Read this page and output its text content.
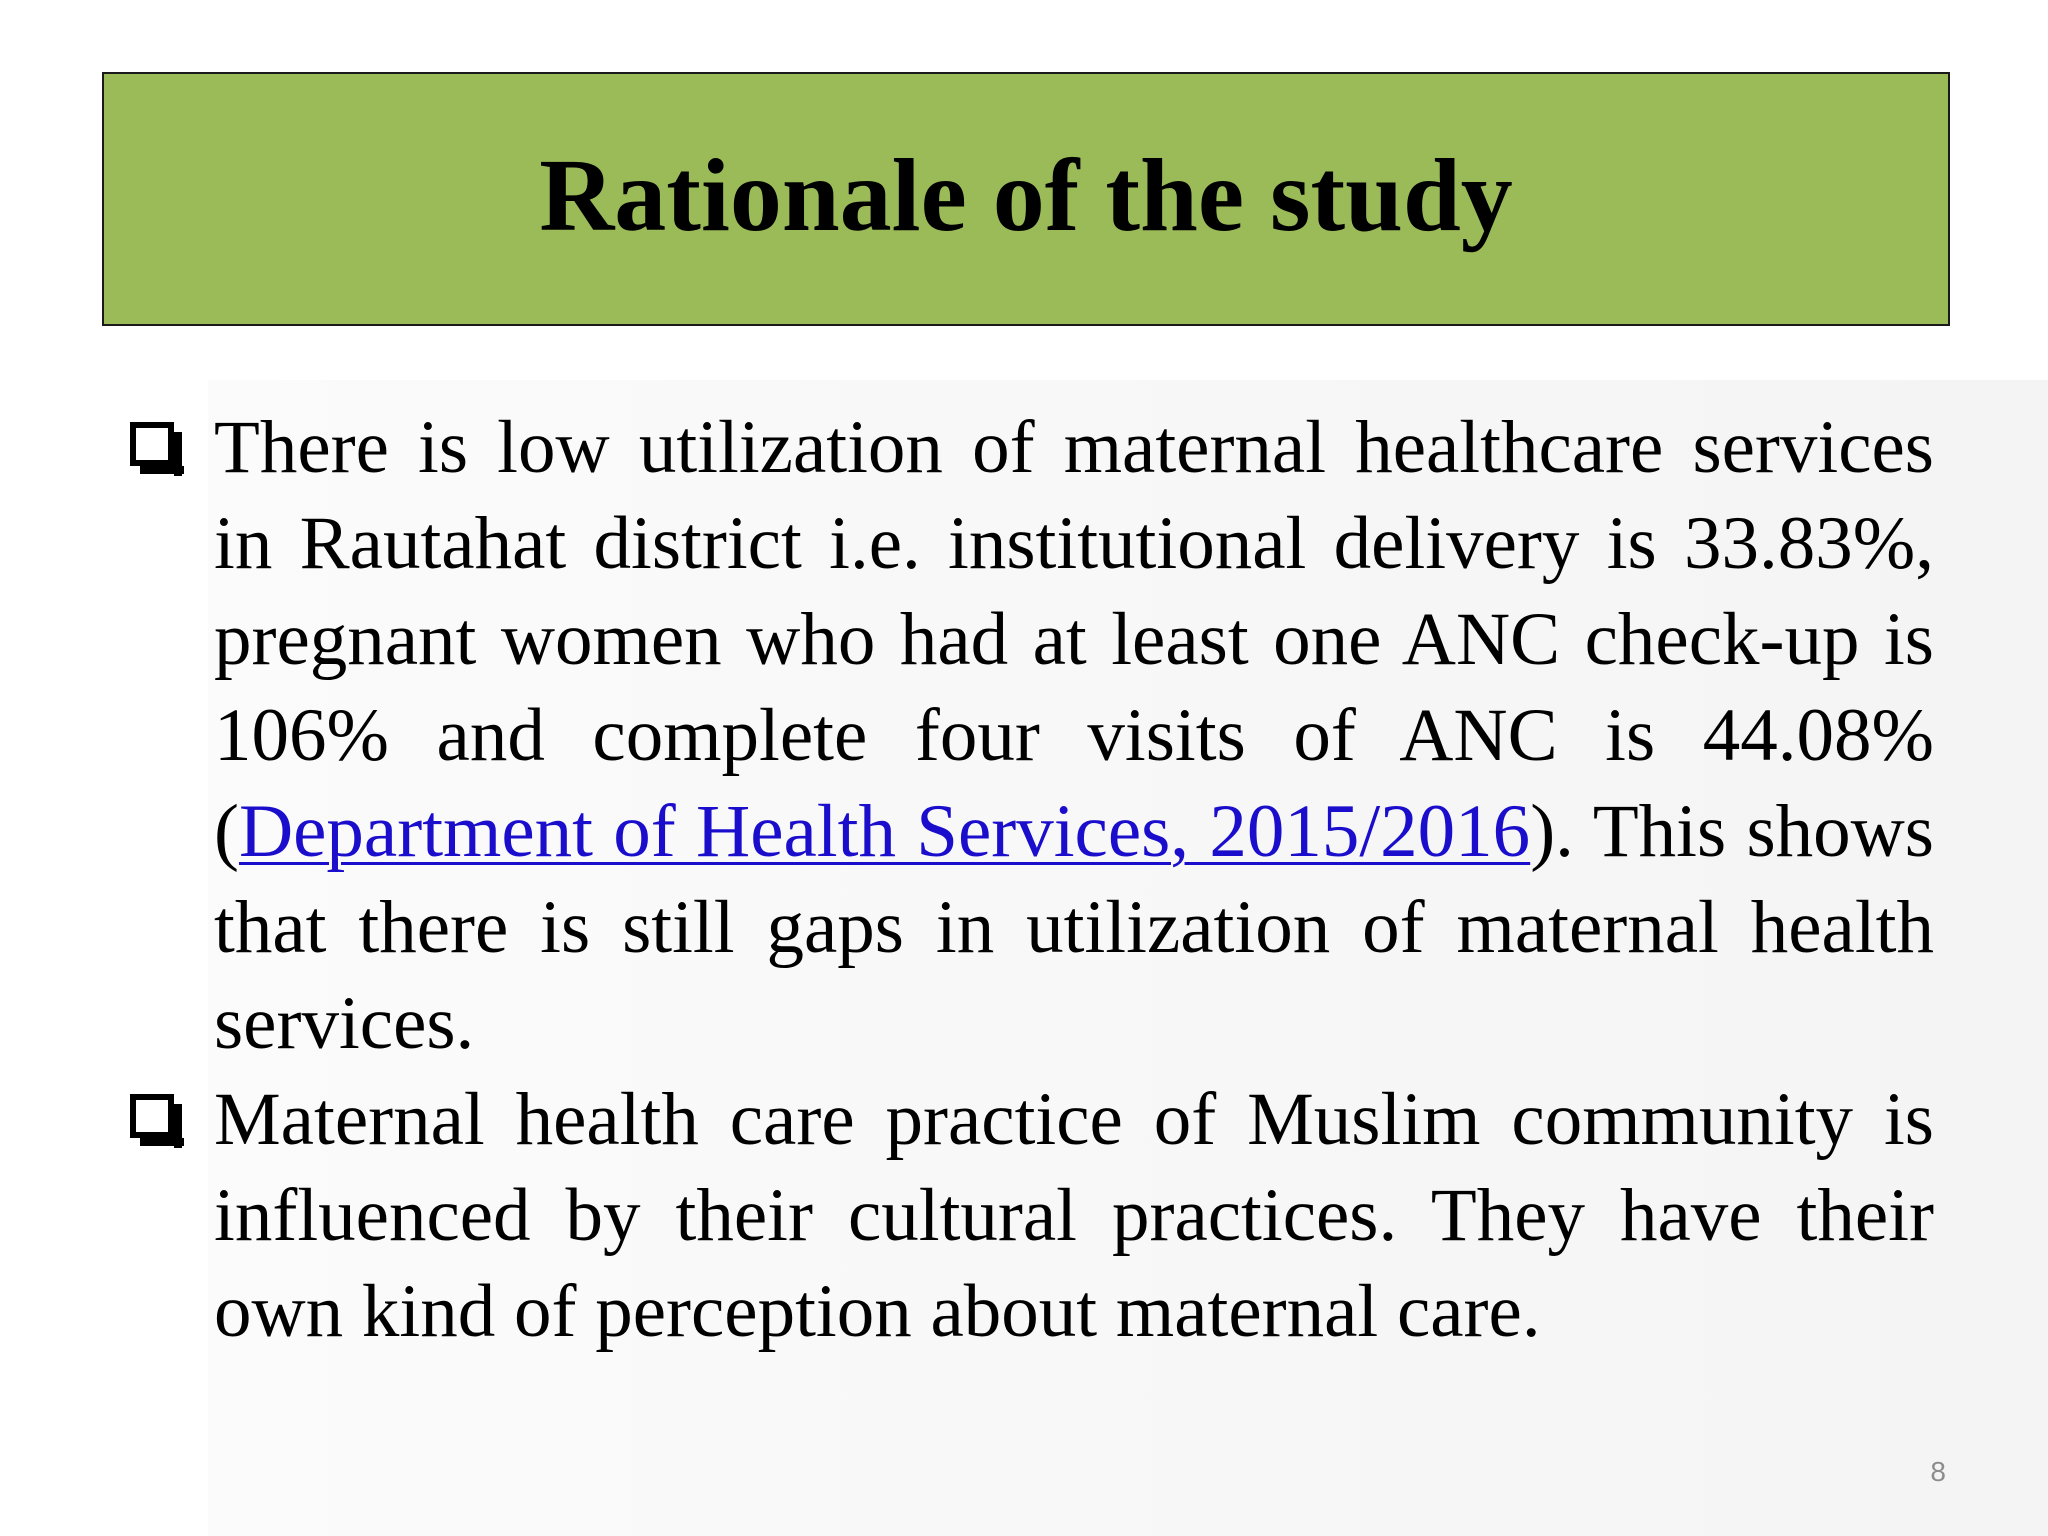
Rationale of the study
There is low utilization of maternal healthcare services in Rautahat district i.e. institutional delivery is 33.83%, pregnant women who had at least one ANC check-up is 106% and complete four visits of ANC is 44.08% (Department of Health Services, 2015/2016). This shows that there is still gaps in utilization of maternal health services.
Maternal health care practice of Muslim community is influenced by their cultural practices. They have their own kind of perception about maternal care.
8
